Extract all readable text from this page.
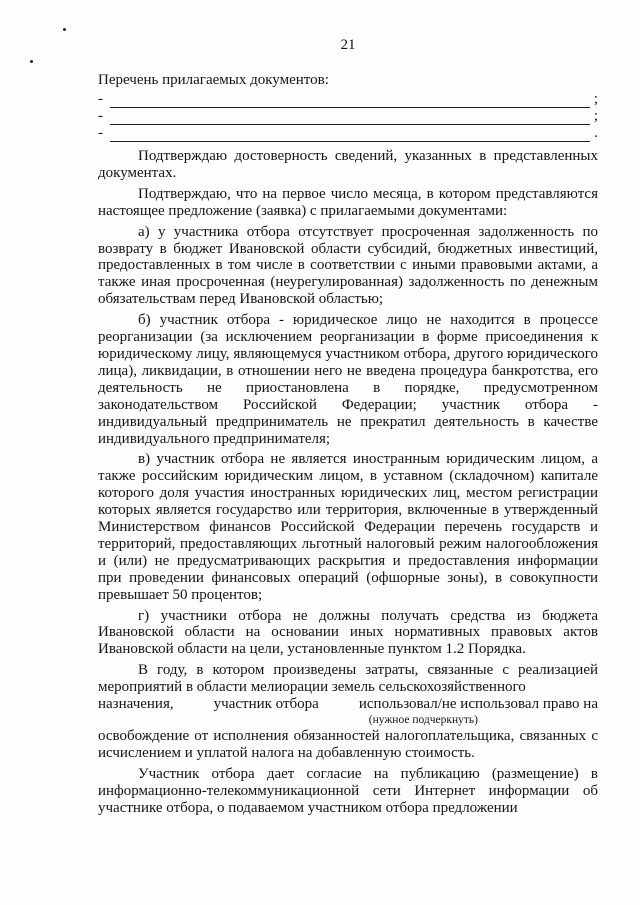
21
Перечень прилагаемых документов:
-	;
-	;
-	.

Подтверждаю достоверность сведений, указанных в представленных документах.

Подтверждаю, что на первое число месяца, в котором представляются настоящее предложение (заявка) с прилагаемыми документами:

а) у участника отбора отсутствует просроченная задолженность по возврату в бюджет Ивановской области субсидий, бюджетных инвестиций, предоставленных в том числе в соответствии с иными правовыми актами, а также иная просроченная (неурегулированная) задолженность по денежным обязательствам перед Ивановской областью;

б) участник отбора - юридическое лицо не находится в процессе реорганизации (за исключением реорганизации в форме присоединения к юридическому лицу, являющемуся участником отбора, другого юридического лица), ликвидации, в отношении него не введена процедура банкротства, его деятельность не приостановлена в порядке, предусмотренном законодательством Российской Федерации; участник отбора - индивидуальный предприниматель не прекратил деятельность в качестве индивидуального предпринимателя;

в) участник отбора не является иностранным юридическим лицом, а также российским юридическим лицом, в уставном (складочном) капитале которого доля участия иностранных юридических лиц, местом регистрации которых является государство или территория, включенные в утвержденный Министерством финансов Российской Федерации перечень государств и территорий, предоставляющих льготный налоговый режим налогообложения и (или) не предусматривающих раскрытия и предоставления информации при проведении финансовых операций (офшорные зоны), в совокупности превышает 50 процентов;

г) участники отбора не должны получать средства из бюджета Ивановской области на основании иных нормативных правовых актов Ивановской области на цели, установленные пунктом 1.2 Порядка.

В году, в котором произведены затраты, связанные с реализацией мероприятий в области мелиорации земель сельскохозяйственного

назначения,	участник отбора	использовал/не использовал право на
(нужное подчеркнуть)

освобождение от исполнения обязанностей налогоплательщика, связанных с исчислением и уплатой налога на добавленную стоимость.

Участник отбора дает согласие на публикацию (размещение) в информационно-телекоммуникационной сети Интернет информации об участнике отбора, о подаваемом участником отбора предложении
